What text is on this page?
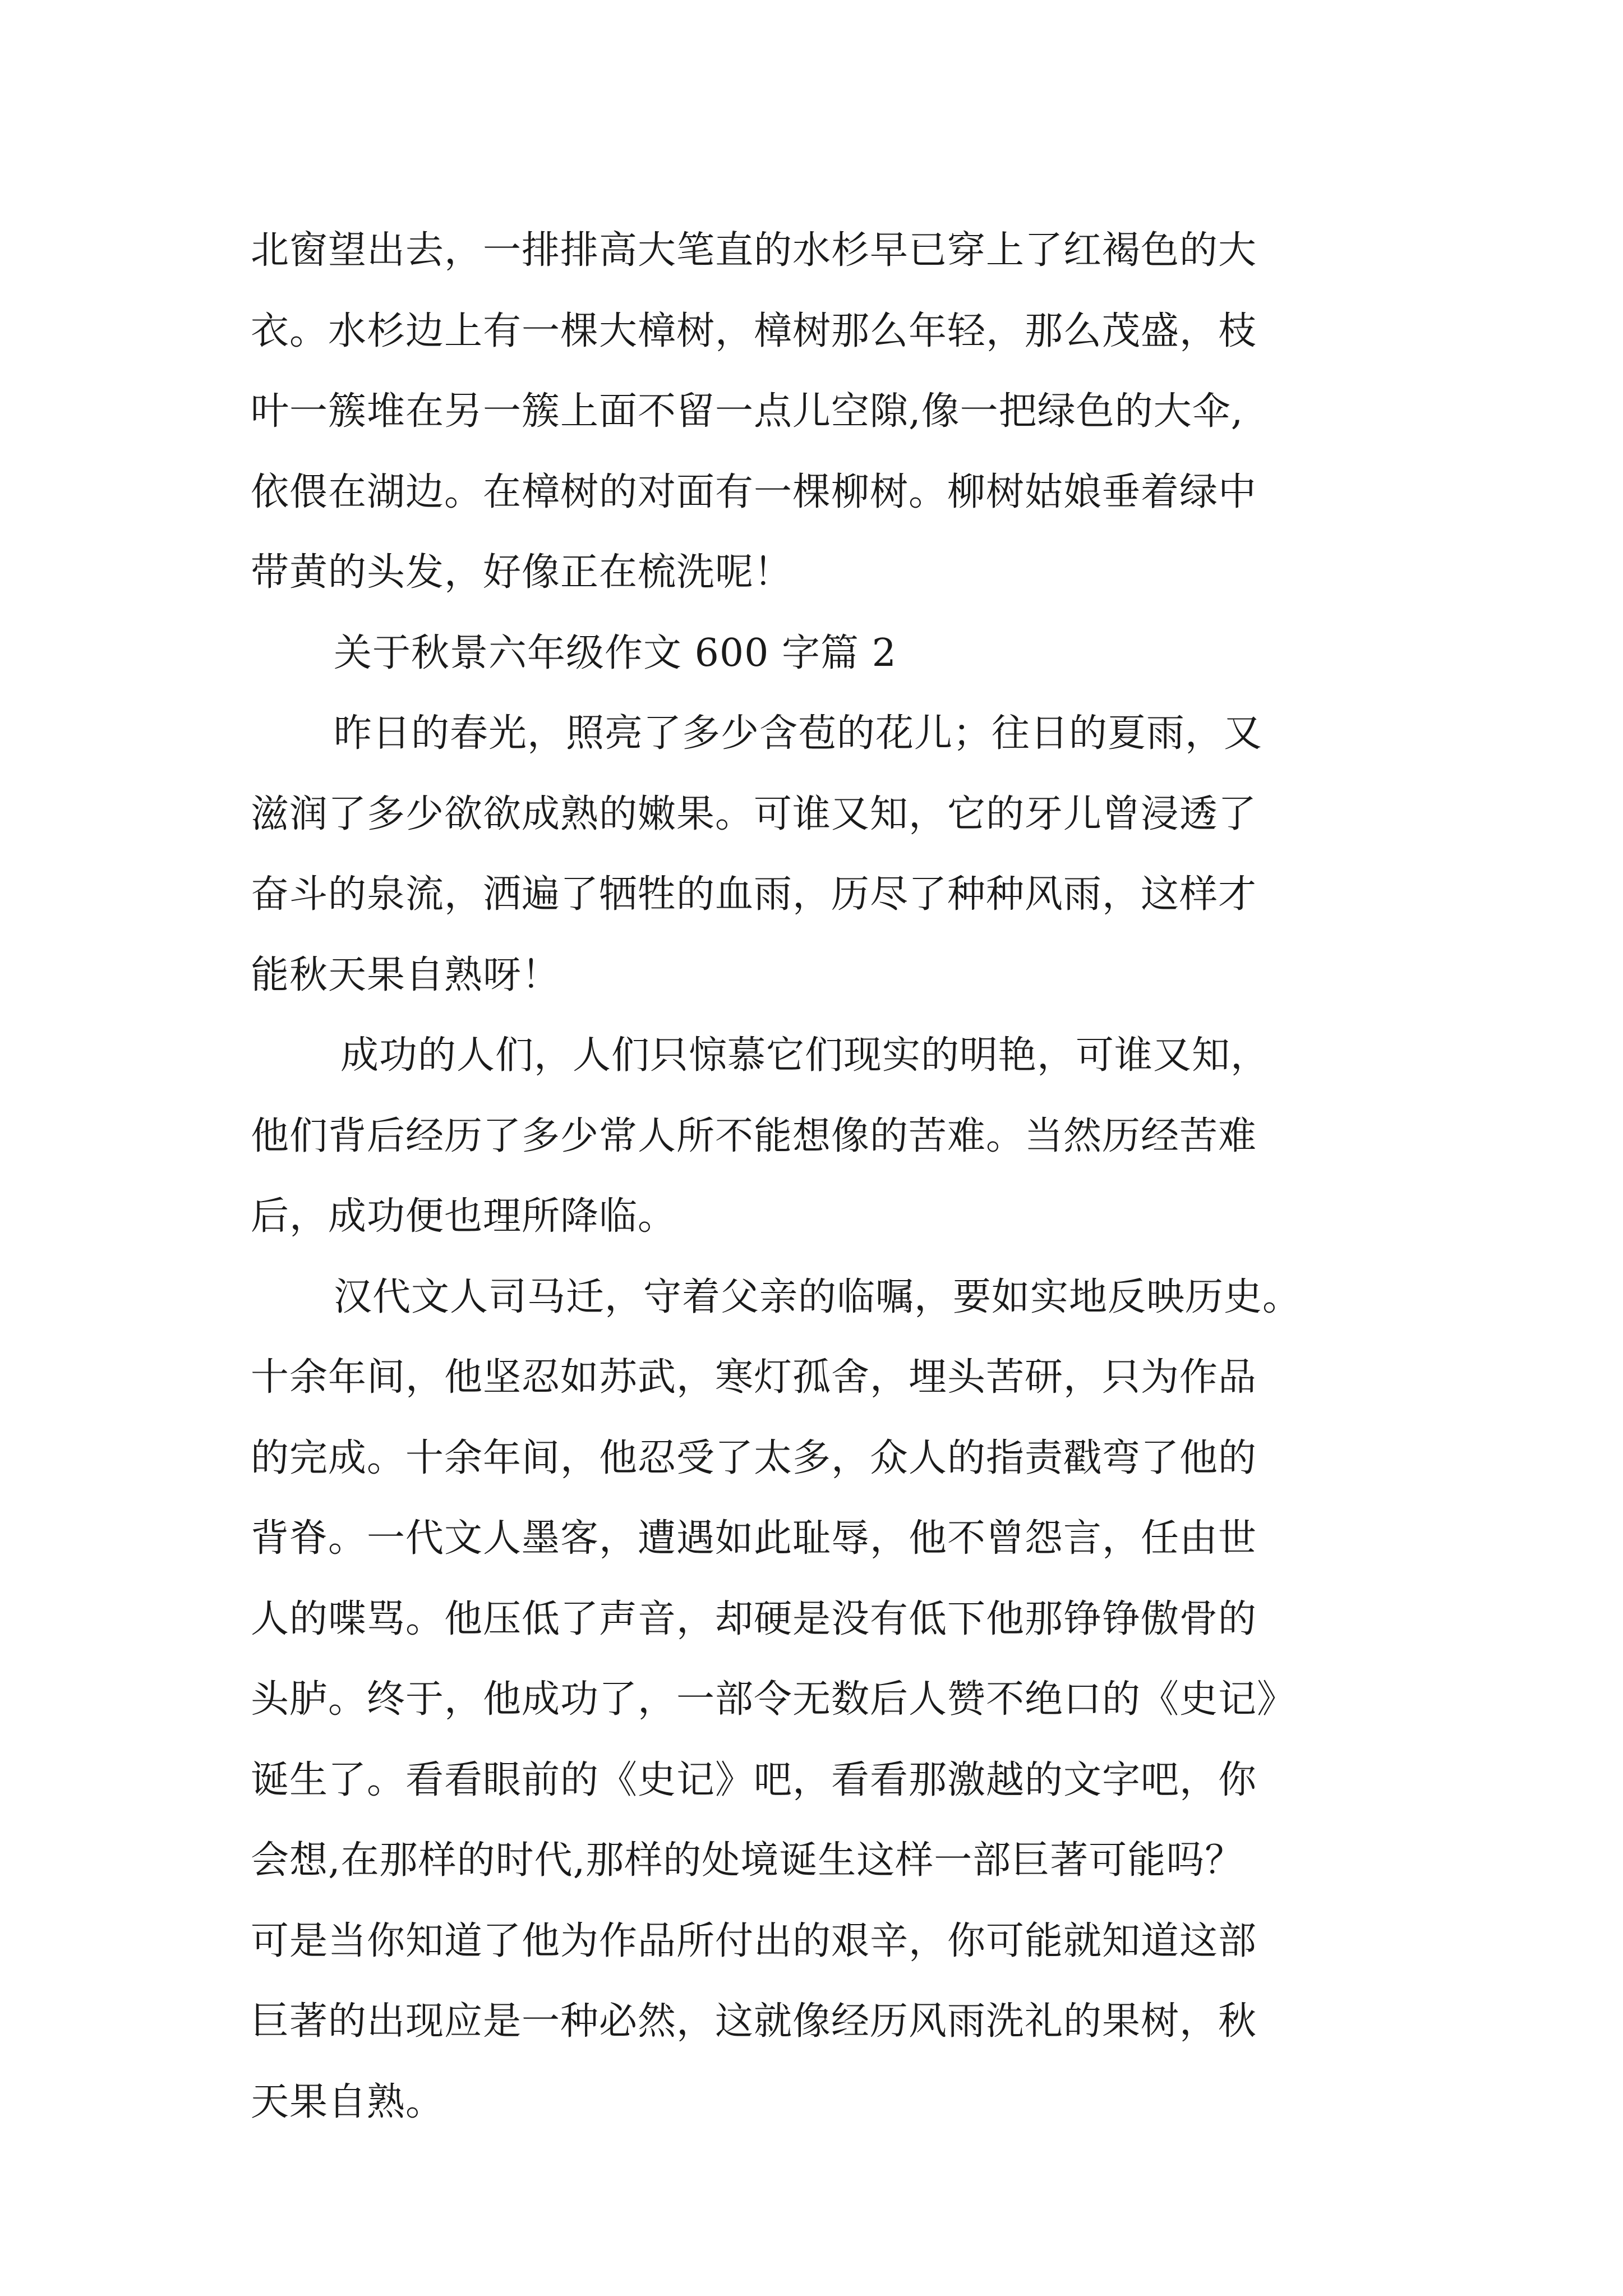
北窗望出去，一排排高大笔直的水杉早已穿上了红褐色的大
衣。水杉边上有一棵大樟树，樟树那么年轻，那么茂盛，枝
叶一簇堆在另一簇上面不留一点儿空隙,像一把绿色的大伞,
依偎在湖边。在樟树的对面有一棵柳树。柳树姑娘垂着绿中
带黄的头发，好像正在梳洗呢！
关于秋景六年级作文 600 字篇 2
昨日的春光，照亮了多少含苞的花儿；往日的夏雨，又
滋润了多少欲欲成熟的嫩果。可谁又知，它的牙儿曾浸透了
奋斗的泉流，洒遍了牺牲的血雨，历尽了种种风雨，这样才
能秋天果自熟呀！
成功的人们，人们只惊慕它们现实的明艳，可谁又知，
他们背后经历了多少常人所不能想像的苦难。当然历经苦难
后，成功便也理所降临。
汉代文人司马迁，守着父亲的临嘱，要如实地反映历史。
十余年间，他坚忍如苏武，寒灯孤舍，埋头苦研，只为作品
的完成。十余年间，他忍受了太多，众人的指责戳弯了他的
背脊。一代文人墨客，遭遇如此耻辱，他不曾怨言，任由世
人的喋骂。他压低了声音，却硬是没有低下他那铮铮傲骨的
头胪。终于，他成功了，一部令无数后人赞不绝口的《史记》
诞生了。看看眼前的《史记》吧，看看那激越的文字吧，你
会想,在那样的时代,那样的处境诞生这样一部巨著可能吗？
可是当你知道了他为作品所付出的艰辛，你可能就知道这部
巨著的出现应是一种必然，这就像经历风雨洗礼的果树，秋
天果自熟。
